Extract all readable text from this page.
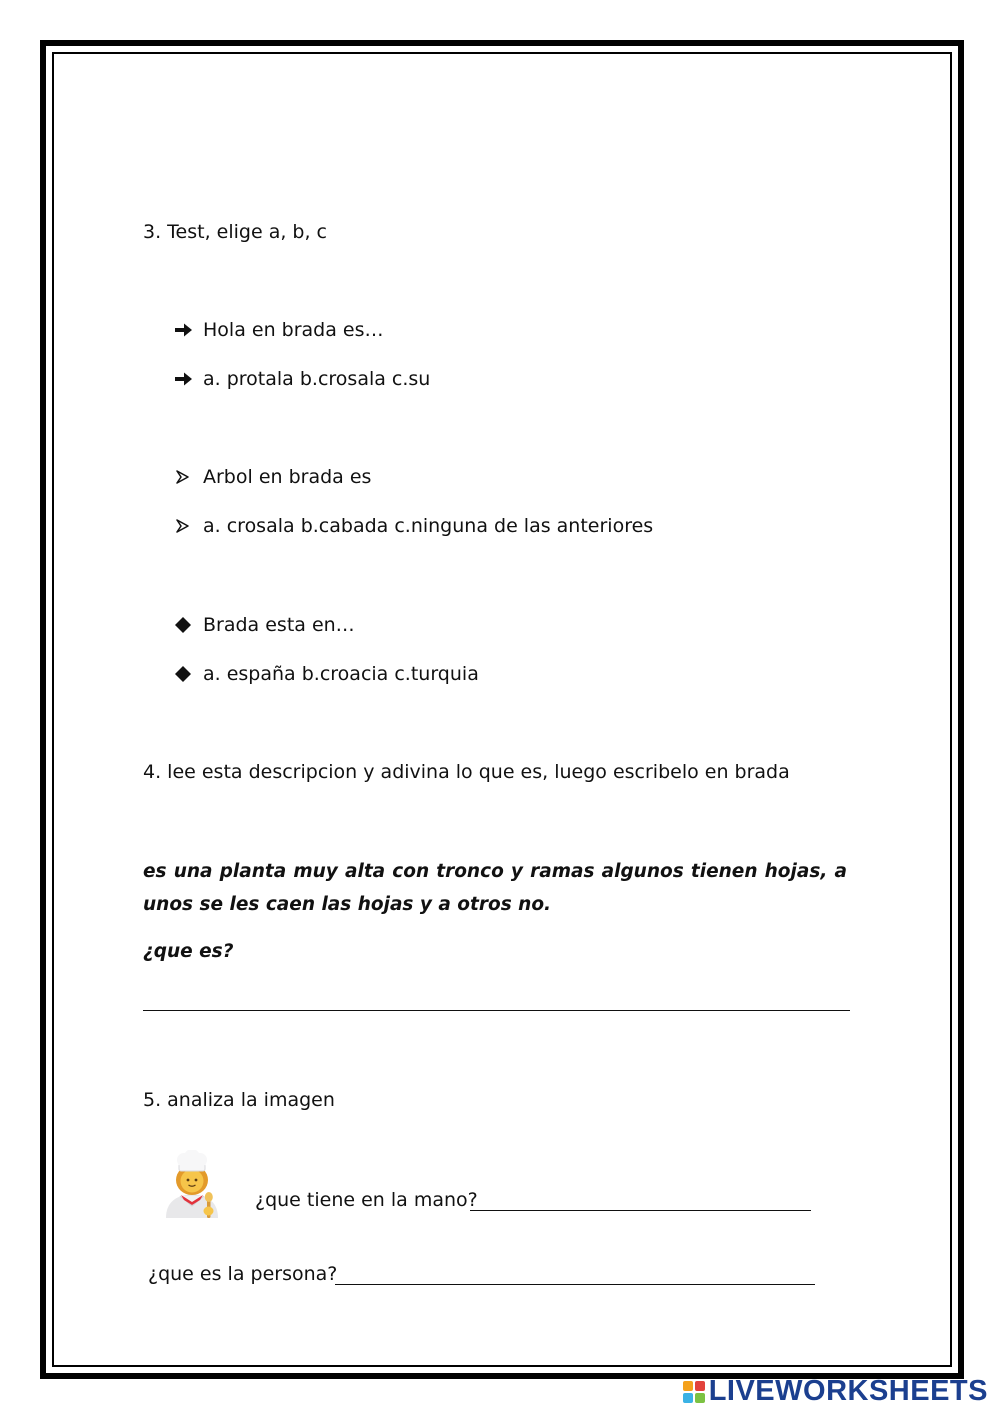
3. Test, elige a, b, c
Hola en brada es…
a. protala b.crosala c.su
Arbol en brada es
a. crosala b.cabada c.ninguna de las anteriores
Brada esta en…
a. españa b.croacia c.turquia
4. lee esta descripcion y adivina lo que es, luego escribelo en brada
es una planta muy alta con tronco y ramas algunos tienen hojas, a unos se les caen las hojas y a otros no.
¿que es?
5. analiza la imagen
¿que tiene en la mano?
¿que es la persona?
LIVEWORKSHEETS
